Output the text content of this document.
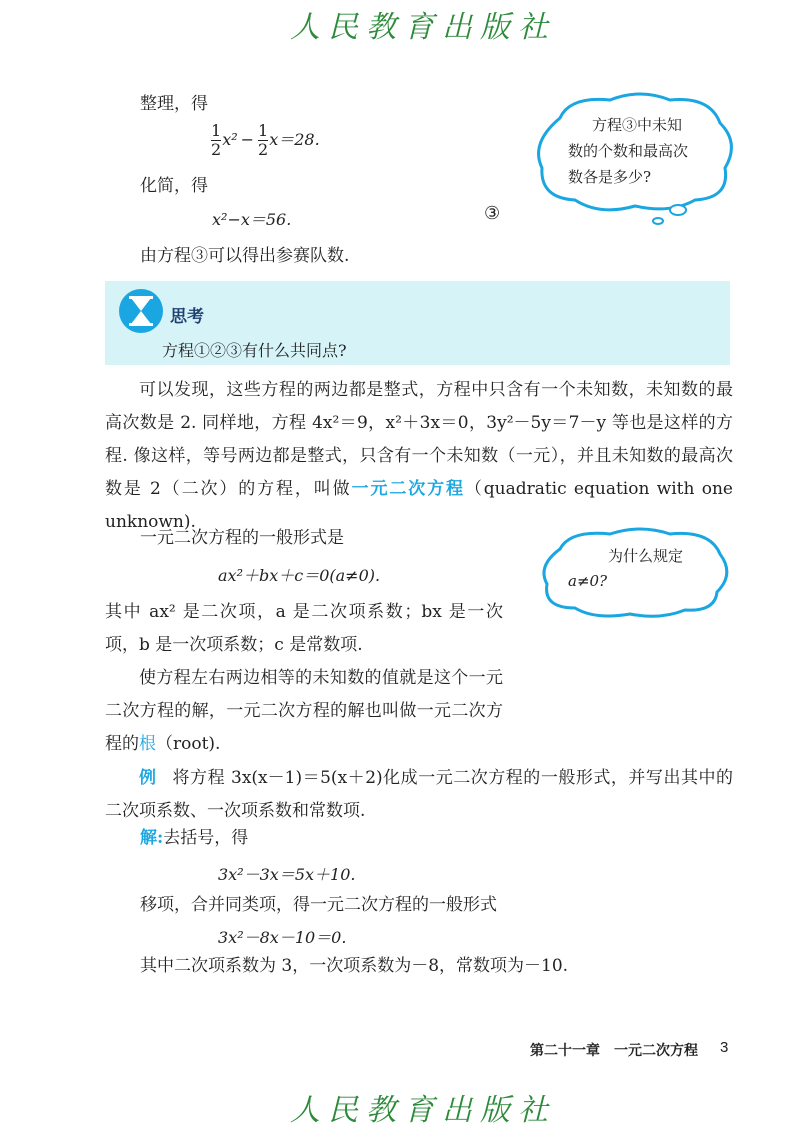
人民教育出版社
整理，得
$\frac{1}{2} x^2 - \frac{1}{2} x=28$.
化简，得
x²−x＝56.	③
由方程③可以得出参赛队数.
方程③中未知
数的个数和最高次
数各是多少?
思考
方程①②③有什么共同点?
可以发现，这些方程的两边都是整式，方程中只含有一个未知数，未知数的最高次数是 2. 同样地，方程 4x²＝9，x²＋3x＝0，3y²－5y＝7－y 等也是这样的方程. 像这样，等号两边都是整式，只含有一个未知数（一元），并且未知数的最高次数是 2（二次）的方程，叫做一元二次方程（quadratic equation with one unknown).
一元二次方程的一般形式是
ax²＋bx＋c＝0(a≠0).
为什么规定
a≠0?
其中 ax² 是二次项，a 是二次项系数；bx 是一次项，b 是一次项系数；c 是常数项.
使方程左右两边相等的未知数的值就是这个一元二次方程的解，一元二次方程的解也叫做一元二次方程的根（root).
例 将方程 3x(x－1)＝5(x＋2)化成一元二次方程的一般形式，并写出其中的二次项系数、一次项系数和常数项.
解:去括号，得
3x²－3x＝5x＋10.
移项，合并同类项，得一元二次方程的一般形式
3x²－8x－10＝0.
其中二次项系数为 3，一次项系数为－8，常数项为－10.
第二十一章　一元二次方程 3
人民教育出版社
